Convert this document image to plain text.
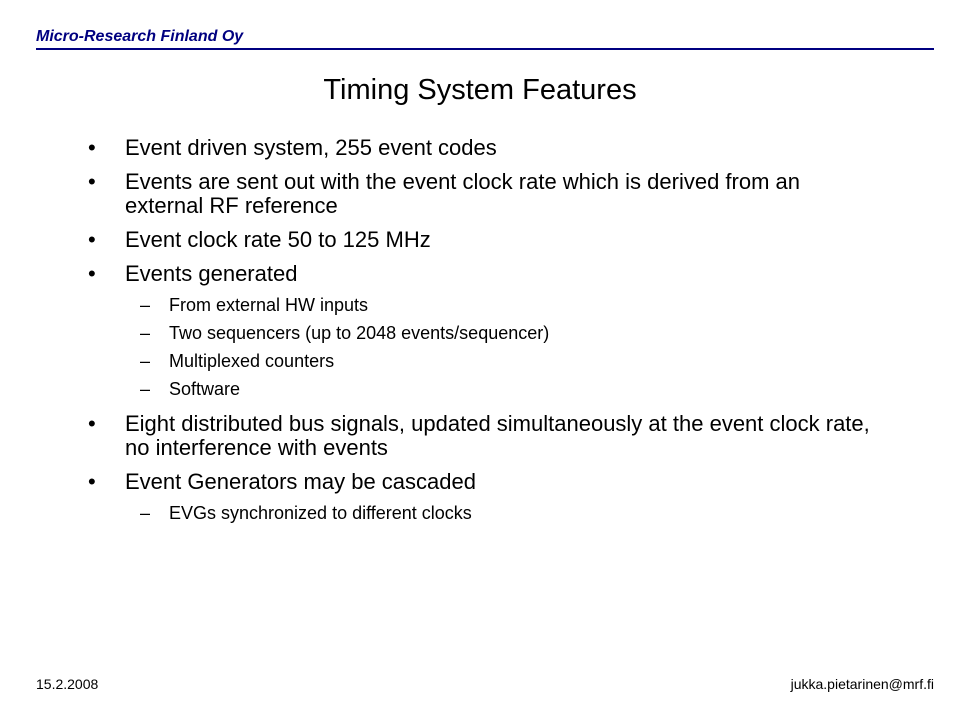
Micro-Research Finland Oy
Timing System Features
• Event driven system, 255 event codes
• Events are sent out with the event clock rate which is derived from an external RF reference
• Event clock rate 50 to 125 MHz
• Events generated
– From external HW inputs
– Two sequencers (up to 2048 events/sequencer)
– Multiplexed counters
– Software
• Eight distributed bus signals, updated simultaneously at the event clock rate, no interference with events
• Event Generators may be cascaded
– EVGs synchronized to different clocks
15.2.2008	jukka.pietarinen@mrf.fi
